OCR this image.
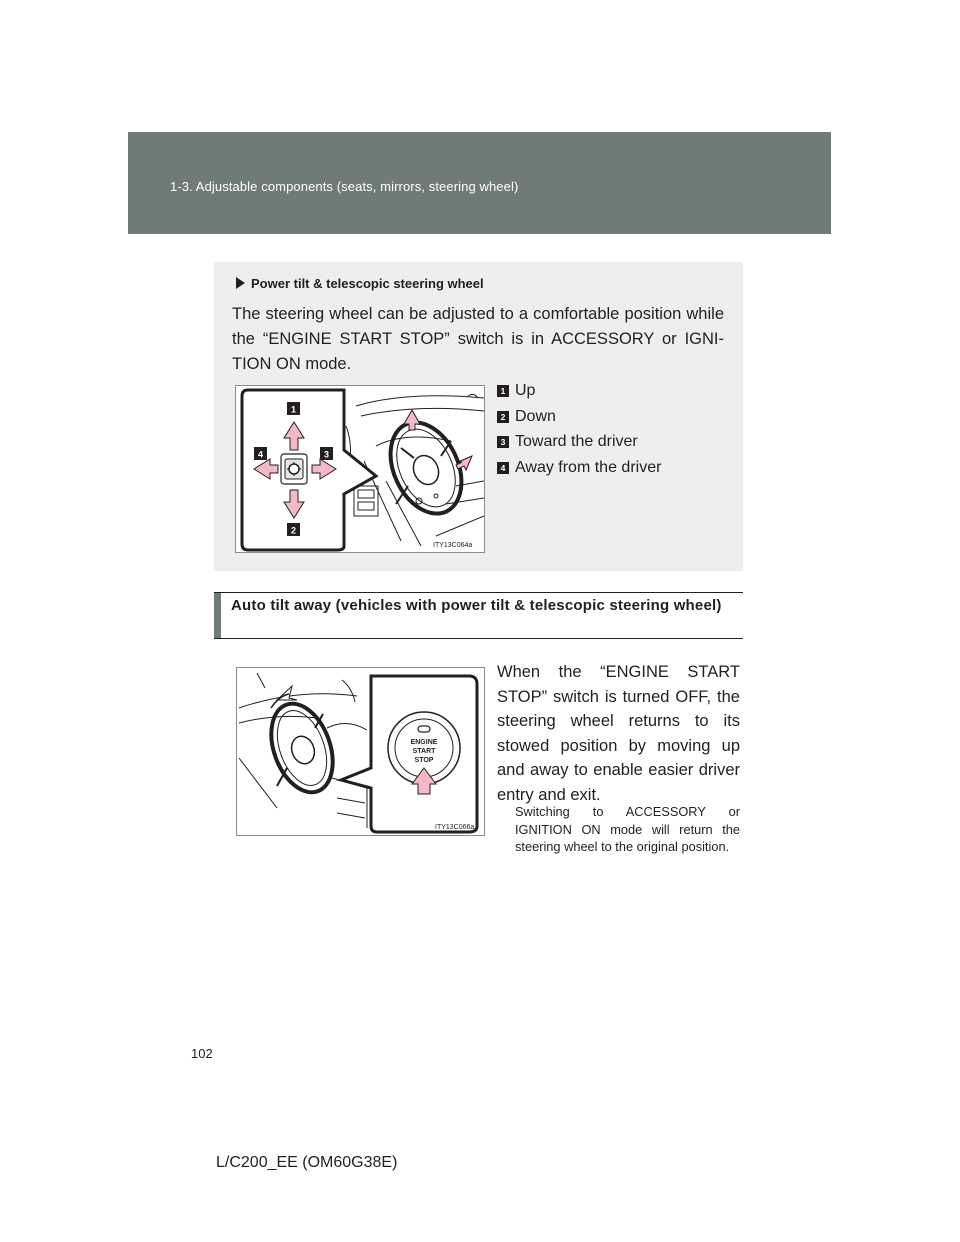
1-3. Adjustable components (seats, mirrors, steering wheel)
Power tilt & telescopic steering wheel
The steering wheel can be adjusted to a comfortable position while the “ENGINE START STOP” switch is in ACCESSORY or IGNI-TION ON mode.
1
2
3
4
ITY13C064a
1 Up
2 Down
3 Toward the driver
4 Away from the driver
Auto tilt away (vehicles with power tilt & telescopic steering wheel)
ENGINE
START
STOP
ITY13C066a
When the “ENGINE START STOP” switch is turned OFF, the steering wheel returns to its stowed position by moving up and away to enable easier driver entry and exit.
Switching to ACCESSORY or IGNITION ON mode will return the steering wheel to the original position.
102
L/C200_EE (OM60G38E)
